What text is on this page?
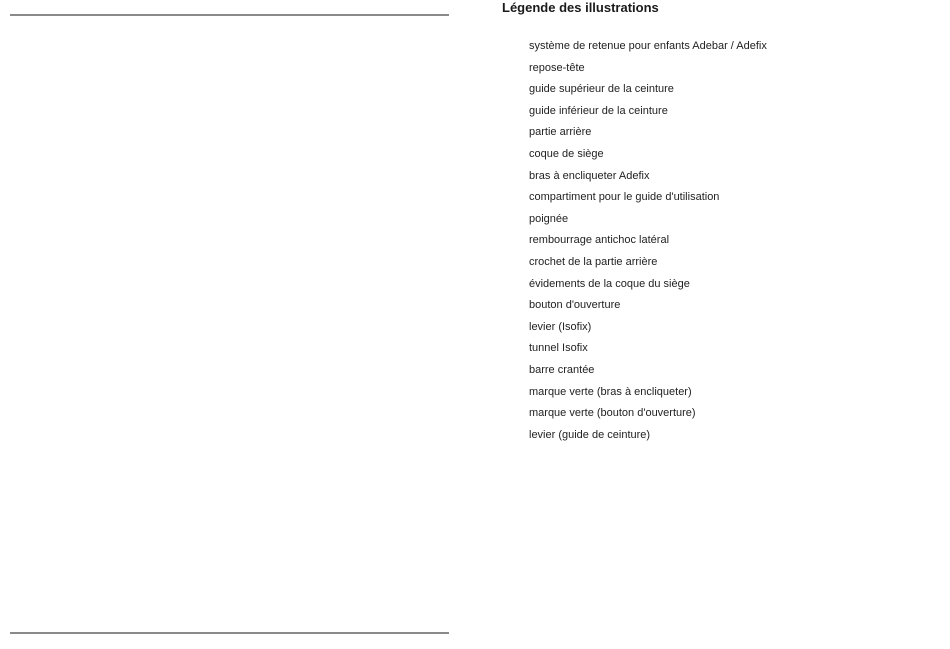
Légende des illustrations
système de retenue pour enfants Adebar / Adefix
repose-tête
guide supérieur de la ceinture
guide inférieur de la ceinture
partie arrière
coque de siège
bras à encliqueter Adefix
compartiment pour le guide d'utilisation
poignée
rembourrage antichoc latéral
crochet de la partie arrière
évidements de la coque du siège
bouton d'ouverture
levier (Isofix)
tunnel Isofix
barre crantée
marque verte (bras à encliqueter)
marque verte (bouton d'ouverture)
levier (guide de ceinture)
